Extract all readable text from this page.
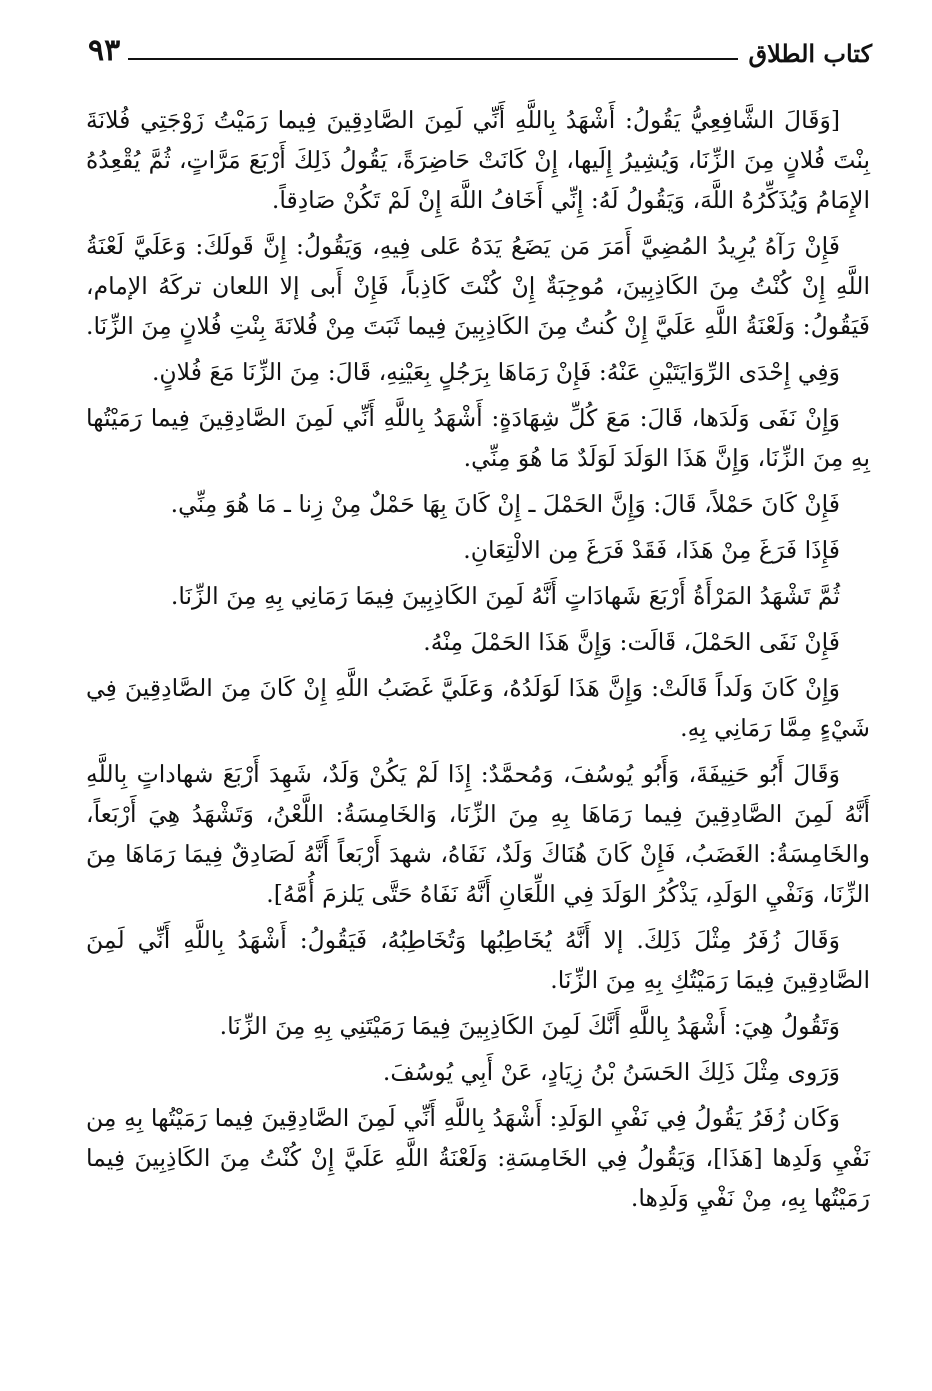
كتاب الطلاق
٩٣

[وَقَالَ الشَّافِعِيُّ يَقُولُ: أَشْهَدُ بِاللَّهِ أَنِّي لَمِنَ الصَّادِقِينَ فِيما رَمَيْتُ زَوْجَتِي فُلانَةَ بِنْتَ فُلانٍ مِنَ الزِّنَا، وَيُشِيرُ إِلَيها، إِنْ كَانَتْ حَاضِرَةً، يَقُولُ ذَلِكَ أَرْبَعَ مَرَّاتٍ، ثُمَّ يُقْعِدُهُ الإِمَامُ وَيُذَكِّرُهُ اللَّهَ، وَيَقُولُ لَهُ: إِنِّي أَخَافُ اللَّهَ إِنْ لَمْ تَكُنْ صَادِقاً.

فَإِنْ رَآهُ يُرِيدُ المُضِيَّ أَمَرَ مَن يَضَعُ يَدَهُ عَلى فِيهِ، وَيَقُولُ: إِنَّ قَولَكَ: وَعَلَيَّ لَعْنَةُ اللَّهِ إِنْ كُنْتُ مِنَ الكَاذِبِينَ، مُوجِبَةٌ إِنْ كُنْتَ كَاذِباً، فَإِنْ أَبى إلا اللعان تركَهُ الإمام، فَيَقُولُ: وَلَعْنَةُ اللَّهِ عَلَيَّ إِنْ كُنتُ مِنَ الكَاذِبِينَ فِيما ثَبَتَ مِنْ فُلانَةَ بِنْتِ فُلانٍ مِنَ الزِّنَا.

وَفِي إِحْدَى الرِّوَايَتَيْنِ عَنْهُ: فَإِنْ رَمَاهَا بِرَجُلٍ بِعَيْنِهِ، قَالَ: مِنَ الزِّنَا مَعَ فُلانٍ.

وَإِنْ نَفَى وَلَدَها، قَالَ: مَعَ كُلِّ شِهَادَةٍ: أَشْهَدُ بِاللَّهِ أَنِّي لَمِنَ الصَّادِقِينَ فِيما رَمَيْتُها بِهِ مِنَ الزِّنَا، وَإِنَّ هَذَا الوَلَدَ لَوَلَدٌ مَا هُوَ مِنِّي.

فَإِنْ كَانَ حَمْلاً، قَالَ: وَإِنَّ الحَمْلَ ـ إِنْ كَانَ بِهَا حَمْلٌ مِنْ زِنا ـ مَا هُوَ مِنِّي.

فَإِذَا فَرَغَ مِنْ هَذَا، فَقَدْ فَرَغَ مِن الالْتِعَانِ.

ثُمَّ تَشْهَدُ المَرْأَةُ أَرْبَعَ شَهادَاتٍ أَنَّهُ لَمِنَ الكَاذِبِينَ فِيمَا رَمَانِي بِهِ مِنَ الزِّنَا.

فَإِنْ نَفَى الحَمْلَ، قَالَت: وَإِنَّ هَذَا الحَمْلَ مِنْهُ.

وَإِنْ كَانَ وَلَداً قَالَتْ: وَإِنَّ هَذَا لَوَلَدُهُ، وَعَلَيَّ غَضَبُ اللَّهِ إِنْ كَانَ مِنَ الصَّادِقِينَ فِي شَيْءٍ مِمَّا رَمَانِي بِهِ.

وَقَالَ أَبُو حَنِيفَةَ، وَأَبُو يُوسُفَ، وَمُحمَّدٌ: إِذَا لَمْ يَكُنْ وَلَدٌ، شَهِدَ أَرْبَعَ شهاداتٍ بِاللَّهِ أَنَّهُ لَمِنَ الصَّادِقِينَ فِيما رَمَاهَا بِهِ مِنَ الزِّنَا، وَالخَامِسَةُ: اللَّعْنُ، وَتَشْهَدُ هِيَ أَرْبَعاً، والخَامِسَةُ: الغَضَبُ، فَإِنْ كَانَ هُنَاكَ وَلَدٌ، نَفَاهُ، شهدَ أَرْبَعاً أَنَّهُ لَصَادِقٌ فِيمَا رَمَاهَا مِنَ الزِّنَا، وَنَفْيِ الوَلَدِ، يَذْكُرُ الوَلَدَ فِي اللِّعَانِ أَنَّهُ نَفَاهُ حَتَّى يَلزمَ أُمَّهُ].

وَقَالَ زُفَرُ مِثْلَ ذَلِكَ. إلا أَنَّهُ يُخَاطِبُها وَتُخَاطِبُهُ، فَيَقُولُ: أَشْهَدُ بِاللَّهِ أَنِّي لَمِنَ الصَّادِقِينَ فِيمَا رَمَيْتُكِ بِهِ مِنَ الزِّنَا.

وَتَقُولُ هِيَ: أَشْهَدُ بِاللَّهِ أَنَّكَ لَمِنَ الكَاذِبِينَ فِيمَا رَمَيْتَنِي بِهِ مِنَ الزِّنَا.

وَرَوى مِثْلَ ذَلِكَ الحَسَنُ بْنُ زِيَادٍ، عَنْ أَبِي يُوسُفَ.

وَكَان زُفَرُ يَقُولُ فِي نَفْيِ الوَلَدِ: أَشْهَدُ بِاللَّهِ أَنِّي لَمِنَ الصَّادِقِينَ فِيما رَمَيْتُها بِهِ مِن نَفْيِ وَلَدِها [هَذَا]، وَيَقُولُ فِي الخَامِسَةِ: وَلَعْنَةُ اللَّهِ عَلَيَّ إِنْ كُنْتُ مِنَ الكَاذِبِينَ فِيما رَمَيْتُها بِهِ، مِنْ نَفْيِ وَلَدِها.
